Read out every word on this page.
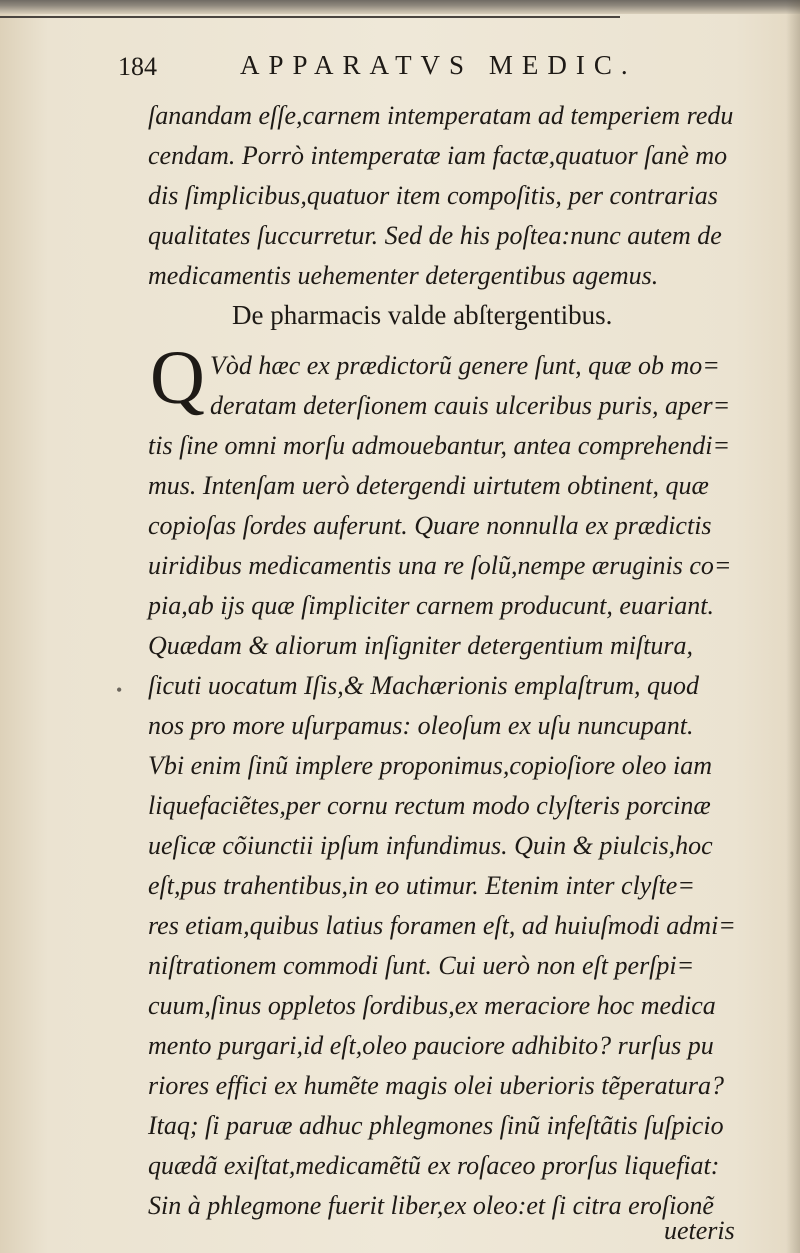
184	APPARATVS MEDIC.
ſanandam eſſe,carnem intemperatam ad temperiem redu
cendam. Porrò intemperatæ iam factæ,quatuor ſanè mo
dis ſimplicibus,quatuor item compoſitis, per contrarias
qualitates ſuccurretur. Sed de his poſtea:nunc autem de
medicamentis uehementer detergentibus agemus.
De pharmacis valde abſtergentibus.
Q Vòd hæc ex prædictorũ genere ſunt, quæ ob mo=
deratam deterſionem cauis ulceribus puris, aper=
tis ſine omni morſu admouebantur, antea comprehendi=
mus. Intenſam uerò detergendi uirtutem obtinent, quæ
copioſas ſordes auferunt. Quare nonnulla ex prædictis
uiridibus medicamentis una re ſolũ,nempe æruginis co=
pia,ab ijs quæ ſimpliciter carnem producunt, euariant.
Quædam & aliorum inſigniter detergentium miſtura,
ſicuti uocatum Iſis,& Machærionis emplaſtrum, quod
nos pro more uſurpamus: oleoſum ex uſu nuncupant.
Vbi enim ſinũ implere proponimus,copioſiore oleo iam
liquefaciẽtes,per cornu rectum modo clyſteris porcinæ
ueſicæ cõiunctii ipſum infundimus. Quin & piulcis,hoc
eſt,pus trahentibus,in eo utimur. Etenim inter clyſte=
res etiam,quibus latius foramen eſt, ad huiuſmodi admi=
niſtrationem commodi ſunt. Cui uerò non eſt perſpi=
cuum,ſinus oppletos ſordibus,ex meraciore hoc medica
mento purgari,id eſt,oleo pauciore adhibito? rurſus pu
riores effici ex humẽte magis olei uberioris tẽperatura?
Itaq; ſi paruæ adhuc phlegmones ſinũ infeſtãtis ſuſpicio
quædã exiſtat,medicamẽtũ ex roſaceo prorſus liquefiat:
Sin à phlegmone fuerit liber,ex oleo:et ſi citra eroſionẽ
ueteris
•
